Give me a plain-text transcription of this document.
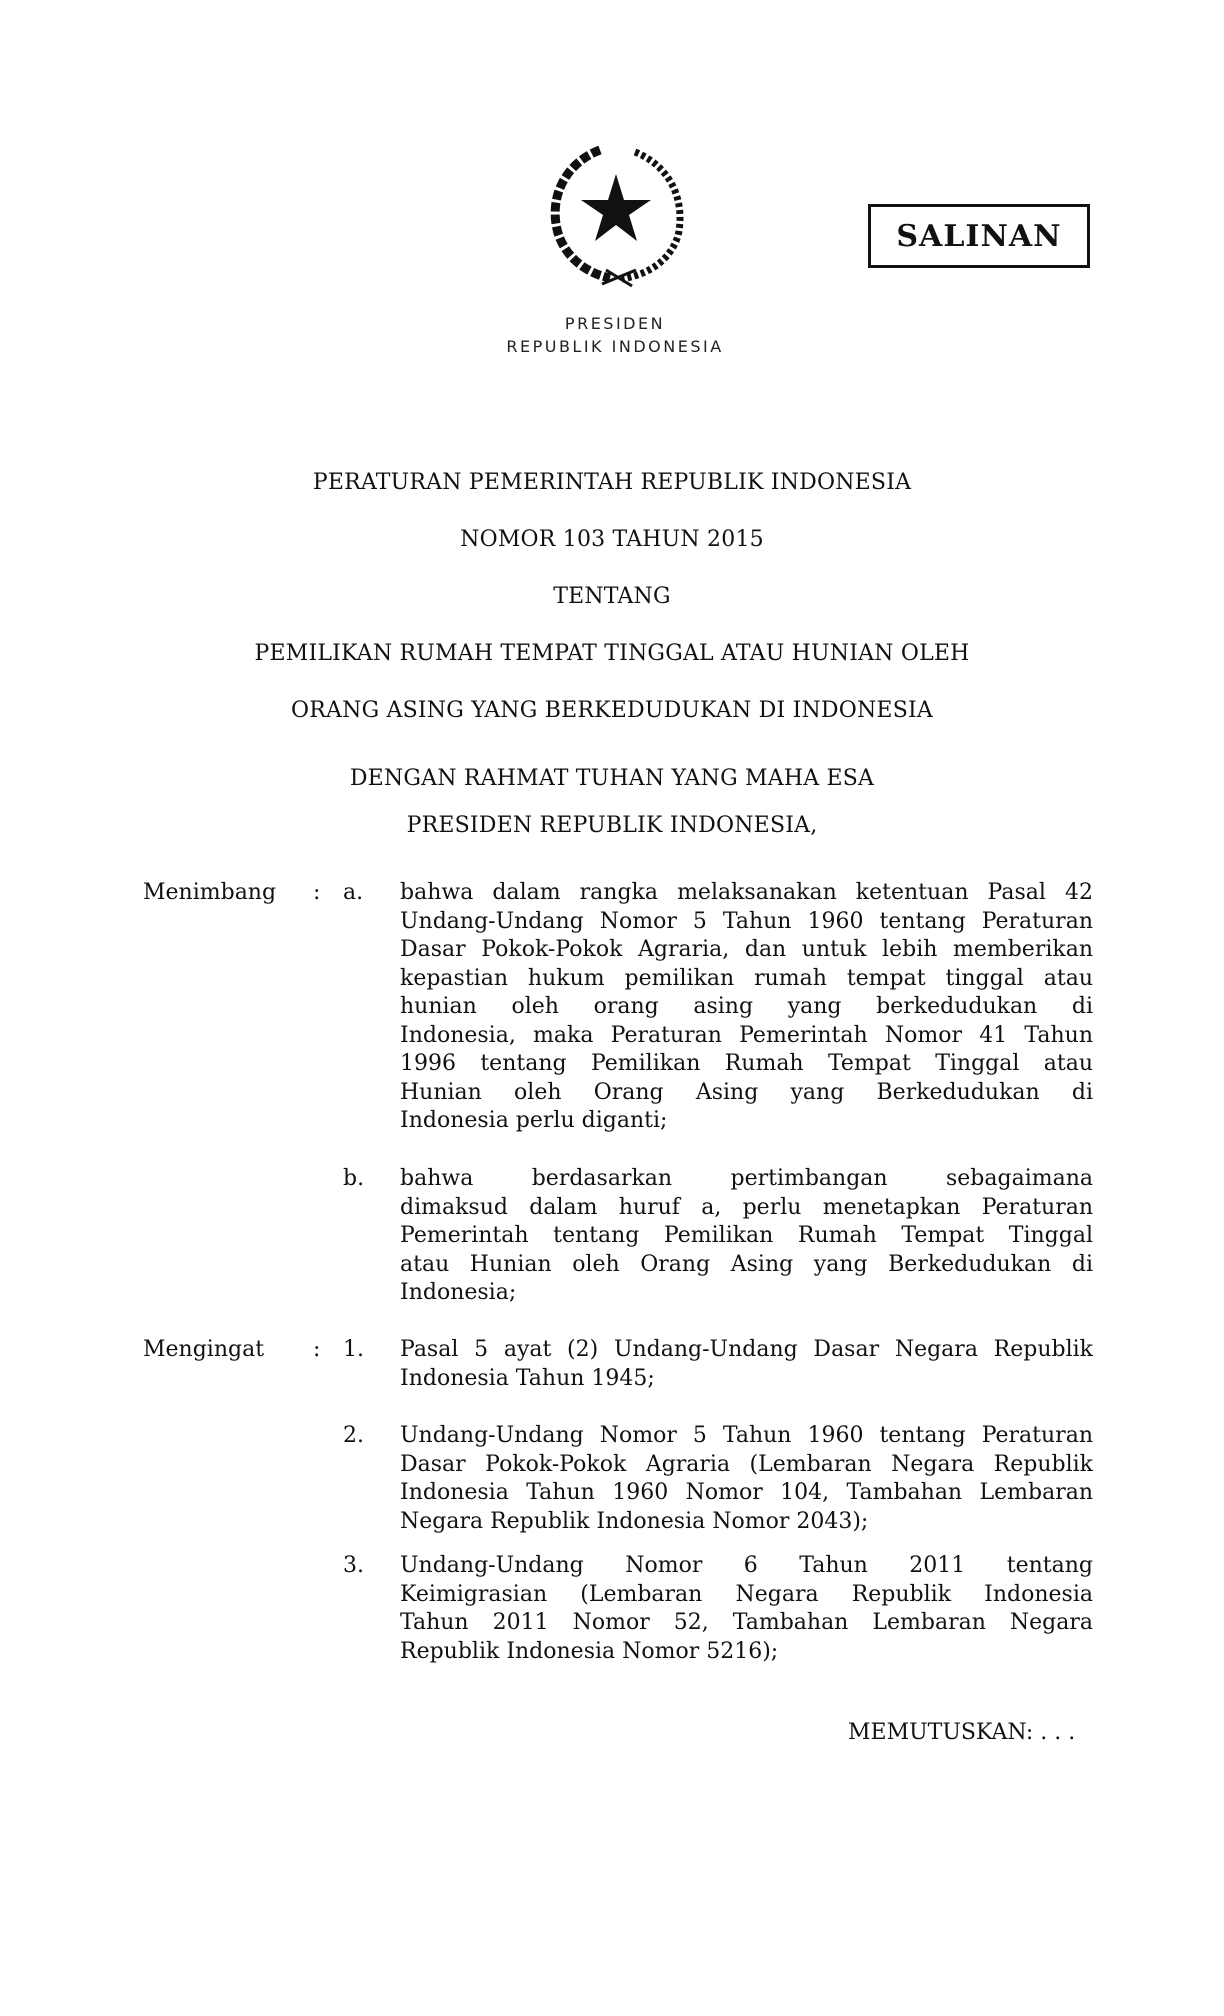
PRESIDEN
REPUBLIK INDONESIA
SALINAN
PERATURAN PEMERINTAH REPUBLIK INDONESIA
NOMOR 103 TAHUN 2015
TENTANG
PEMILIKAN RUMAH TEMPAT TINGGAL ATAU HUNIAN OLEH
ORANG ASING YANG BERKEDUDUKAN DI INDONESIA
DENGAN RAHMAT TUHAN YANG MAHA ESA
PRESIDEN REPUBLIK INDONESIA,
Menimbang : a. bahwa dalam rangka melaksanakan ketentuan Pasal 42
Undang-Undang Nomor 5 Tahun 1960 tentang Peraturan
Dasar Pokok-Pokok Agraria, dan untuk lebih memberikan
kepastian hukum pemilikan rumah tempat tinggal atau
hunian oleh orang asing yang berkedudukan di
Indonesia, maka Peraturan Pemerintah Nomor 41 Tahun
1996 tentang Pemilikan Rumah Tempat Tinggal atau
Hunian oleh Orang Asing yang Berkedudukan di
Indonesia perlu diganti;
b. bahwa berdasarkan pertimbangan sebagaimana
dimaksud dalam huruf a, perlu menetapkan Peraturan
Pemerintah tentang Pemilikan Rumah Tempat Tinggal
atau Hunian oleh Orang Asing yang Berkedudukan di
Indonesia;
Mengingat : 1. Pasal 5 ayat (2) Undang-Undang Dasar Negara Republik
Indonesia Tahun 1945;
2. Undang-Undang Nomor 5 Tahun 1960 tentang Peraturan
Dasar Pokok-Pokok Agraria (Lembaran Negara Republik
Indonesia Tahun 1960 Nomor 104, Tambahan Lembaran
Negara Republik Indonesia Nomor 2043);
3. Undang-Undang Nomor 6 Tahun 2011 tentang
Keimigrasian (Lembaran Negara Republik Indonesia
Tahun 2011 Nomor 52, Tambahan Lembaran Negara
Republik Indonesia Nomor 5216);
MEMUTUSKAN: . . .
